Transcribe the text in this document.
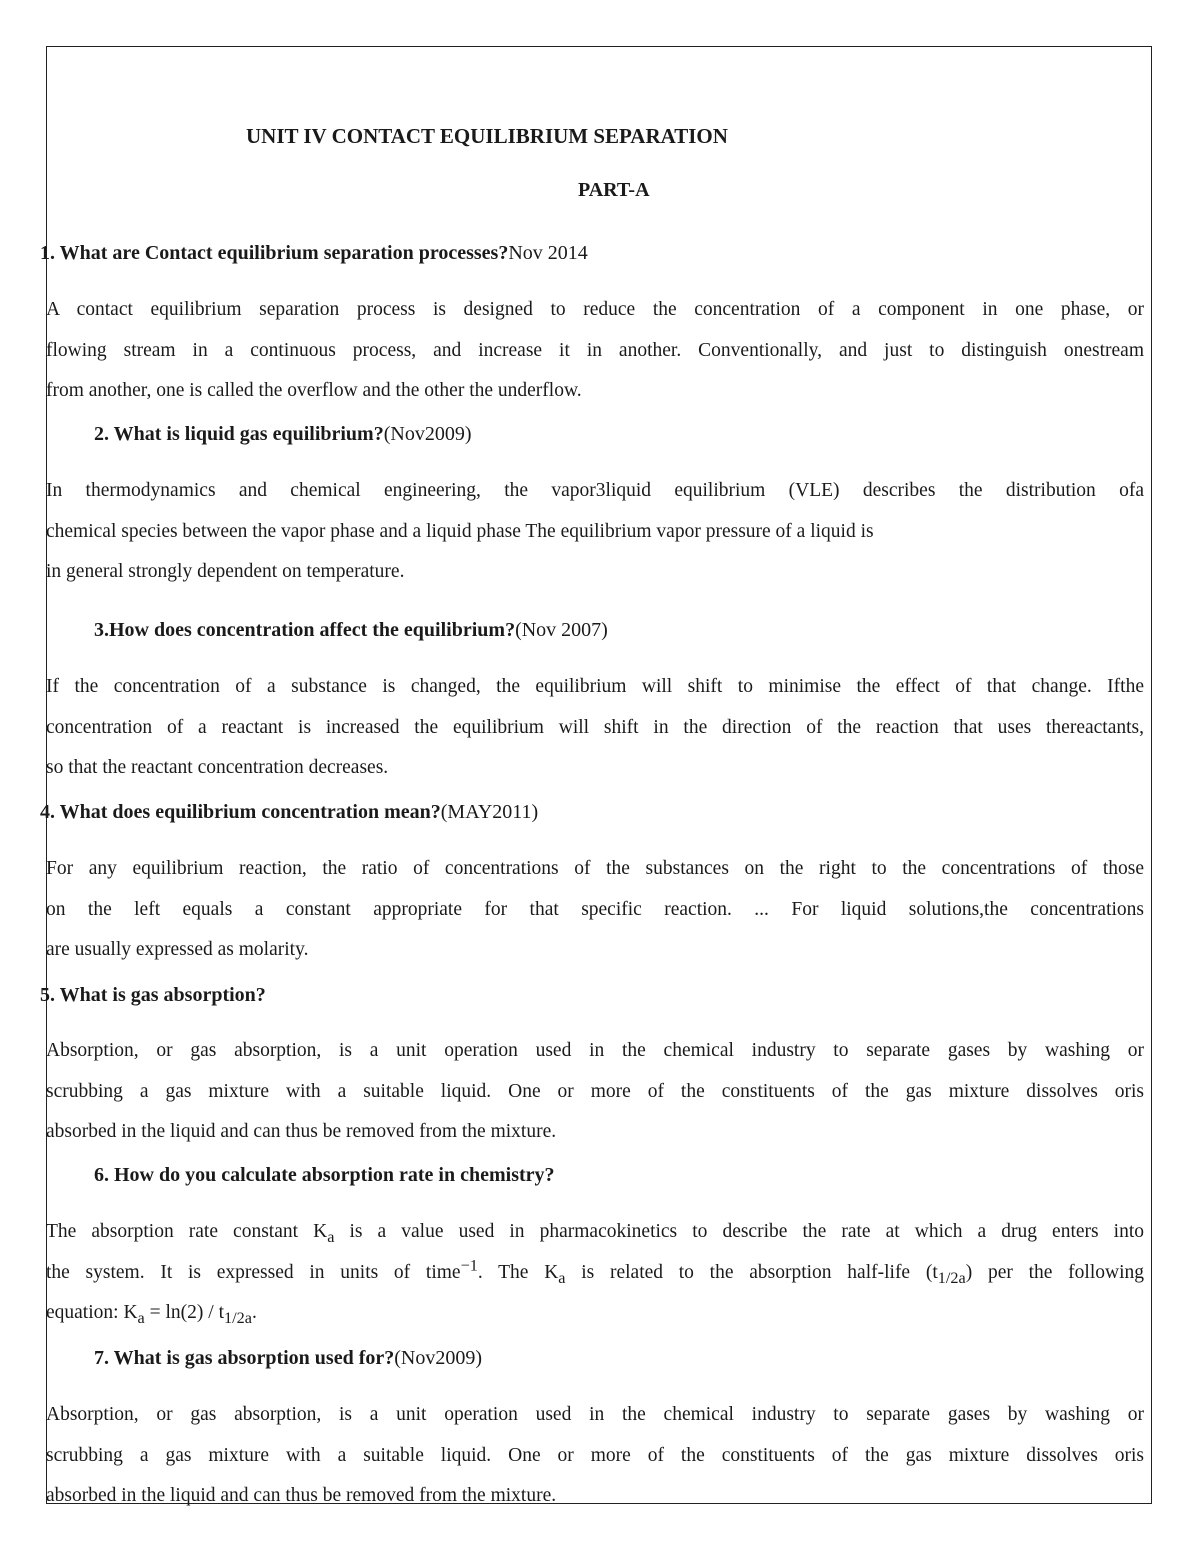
UNIT IV CONTACT EQUILIBRIUM SEPARATION
PART-A
1. What are Contact equilibrium separation processes?Nov 2014
A contact equilibrium separation process is designed to reduce the concentration of a component in one phase, or
flowing stream in a continuous process, and increase it in another. Conventionally, and just to distinguish onestream
from another, one is called the overflow and the other the underflow.
2. What is liquid gas equilibrium?(Nov2009)
In thermodynamics and chemical engineering, the vapor3liquid equilibrium (VLE) describes the distribution ofa
chemical species between the vapor phase and a liquid phase The equilibrium vapor pressure of a liquid is
in general strongly dependent on temperature.
3.How does concentration affect the equilibrium?(Nov 2007)
If the concentration of a substance is changed, the equilibrium will shift to minimise the effect of that change. Ifthe
concentration of a reactant is increased the equilibrium will shift in the direction of the reaction that uses thereactants,
so that the reactant concentration decreases.
4. What does equilibrium concentration mean?(MAY2011)
For any equilibrium reaction, the ratio of concentrations of the substances on the right to the concentrations of those
on the left equals a constant appropriate for that specific reaction. ... For liquid solutions,the concentrations
are usually expressed as molarity.
5. What is gas absorption?
Absorption, or gas absorption, is a unit operation used in the chemical industry to separate gases by washing or
scrubbing a gas mixture with a suitable liquid. One or more of the constituents of the gas mixture dissolves oris
absorbed in the liquid and can thus be removed from the mixture.
6. How do you calculate absorption rate in chemistry?
The absorption rate constant $K_a$ is a value used in pharmacokinetics to describe the rate at which a drug enters into
the system. It is expressed in units of time$^{-1}$. The $K_a$ is related to the absorption half-life $(t_{1/2a})$ per the following
equation: $K_a = \ln(2) / t_{1/2a}$.
7. What is gas absorption used for?(Nov2009)
Absorption, or gas absorption, is a unit operation used in the chemical industry to separate gases by washing or
scrubbing a gas mixture with a suitable liquid. One or more of the constituents of the gas mixture dissolves oris
absorbed in the liquid and can thus be removed from the mixture.
